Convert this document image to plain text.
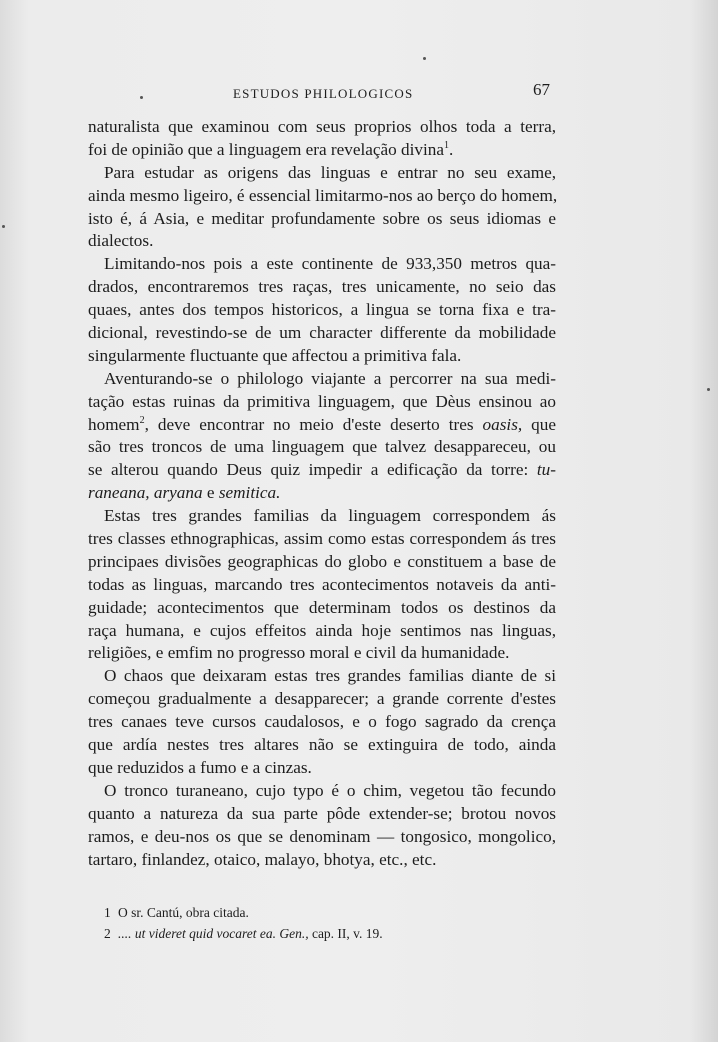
ESTUDOS PHILOLOGICOS	67
naturalista que examinou com seus proprios olhos toda a terra,
foi de opinião que a linguagem era revelação divina$^1$.
Para estudar as origens das linguas e entrar no seu exame,
ainda mesmo ligeiro, é essencial limitarmo-nos ao berço do homem,
isto é, á Asia, e meditar profundamente sobre os seus idiomas e
dialectos.
Limitando-nos pois a este continente de 933,350 metros qua-
drados, encontraremos tres raças, tres unicamente, no seio das
quaes, antes dos tempos historicos, a lingua se torna fixa e tra-
dicional, revestindo-se de um character differente da mobilidade
singularmente fluctuante que affectou a primitiva fala.
Aventurando-se o philologo viajante a percorrer na sua medi-
tação estas ruinas da primitiva linguagem, que Dèus ensinou ao
homem$^2$, deve encontrar no meio d'este deserto tres oasis, que
são tres troncos de uma linguagem que talvez desappareceu, ou
se alterou quando Deus quiz impedir a edificação da torre: tu-
raneana, aryana e semitica.
Estas tres grandes familias da linguagem correspondem ás
tres classes ethnographicas, assim como estas correspondem ás tres
principaes divisões geographicas do globo e constituem a base de
todas as linguas, marcando tres acontecimentos notaveis da anti-
guidade; acontecimentos que determinam todos os destinos da
raça humana, e cujos effeitos ainda hoje sentimos nas linguas,
religiões, e emfim no progresso moral e civil da humanidade.
O chaos que deixaram estas tres grandes familias diante de si
começou gradualmente a desapparecer; a grande corrente d'estes
tres canaes teve cursos caudalosos, e o fogo sagrado da crença
que ardía nestes tres altares não se extinguira de todo, ainda
que reduzidos a fumo e a cinzas.
O tronco turaneano, cujo typo é o chim, vegetou tão fecundo
quanto a natureza da sua parte pôde extender-se; brotou novos
ramos, e deu-nos os que se denominam — tongosico, mongolico,
tartaro, finlandez, otaico, malayo, bhotya, etc., etc.
1 O sr. Cantú, obra citada.
2 .... ut videret quid vocaret ea. Gen., cap. II, v. 19.
